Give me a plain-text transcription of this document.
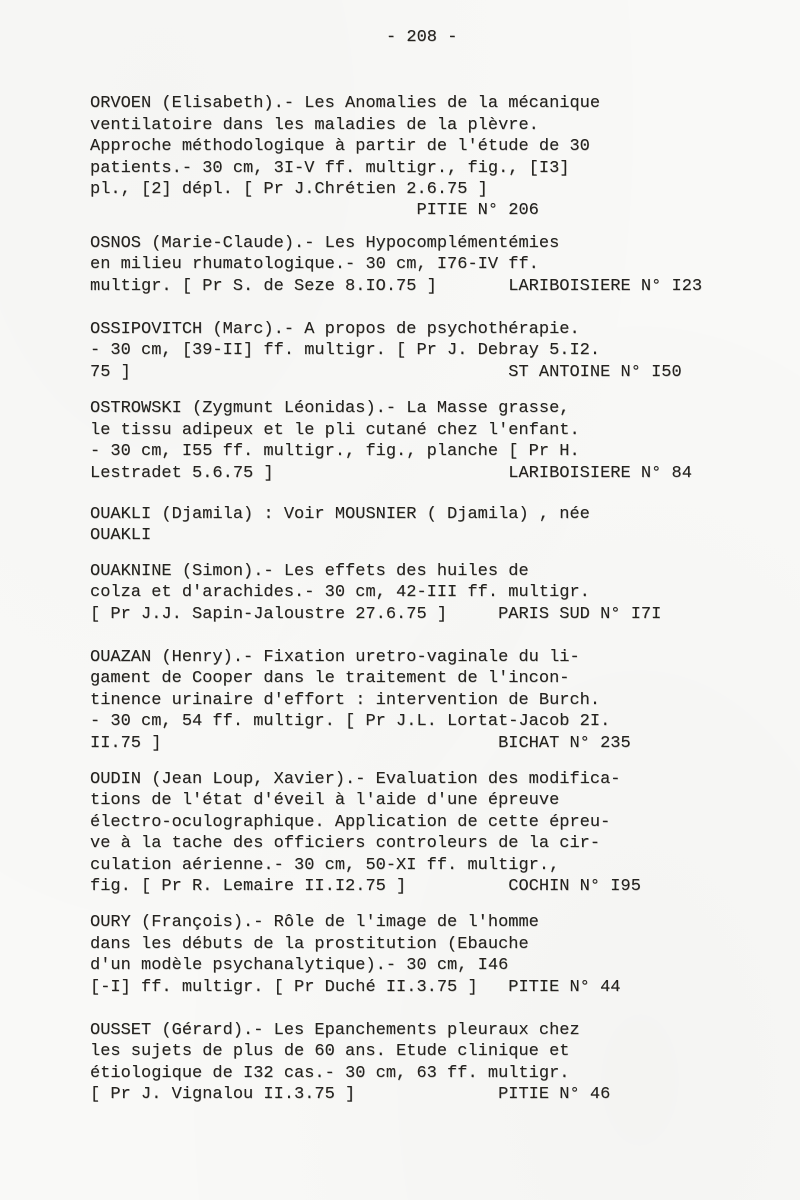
- 208 -
ORVOEN (Elisabeth).- Les Anomalies de la mécanique
ventilatoire dans les maladies de la plèvre.
Approche méthodologique à partir de l'étude de 30
patients.- 30 cm, 3I-V ff. multigr., fig., [I3]
pl., [2] dépl. [ Pr J.Chrétien 2.6.75 ]
PITIE N° 206
OSNOS (Marie-Claude).- Les Hypocomplémentémies
en milieu rhumatologique.- 30 cm, I76-IV ff.
multigr. [ Pr S. de Seze 8.IO.75 ]       LARIBOISIERE N° I23
OSSIPOVITCH (Marc).- A propos de psychothérapie.
- 30 cm, [39-II] ff. multigr. [ Pr J. Debray 5.I2.
75 ]                                     ST ANTOINE N° I50
OSTROWSKI (Zygmunt Léonidas).- La Masse grasse,
le tissu adipeux et le pli cutané chez l'enfant.
- 30 cm, I55 ff. multigr., fig., planche [ Pr H.
Lestradet 5.6.75 ]                       LARIBOISIERE N° 84
OUAKLI (Djamila) : Voir MOUSNIER ( Djamila) , née
OUAKLI
OUAKNINE (Simon).- Les effets des huiles de
colza et d'arachides.- 30 cm, 42-III ff. multigr.
[ Pr J.J. Sapin-Jaloustre 27.6.75 ]     PARIS SUD N° I7I
OUAZAN (Henry).- Fixation uretro-vaginale du li-
gament de Cooper dans le traitement de l'incon-
tinence urinaire d'effort : intervention de Burch.
- 30 cm, 54 ff. multigr. [ Pr J.L. Lortat-Jacob 2I.
II.75 ]                                 BICHAT N° 235
OUDIN (Jean Loup, Xavier).- Evaluation des modifica-
tions de l'état d'éveil à l'aide d'une épreuve
électro-oculographique. Application de cette épreu-
ve à la tache des officiers controleurs de la cir-
culation aérienne.- 30 cm, 50-XI ff. multigr.,
fig. [ Pr R. Lemaire II.I2.75 ]          COCHIN N° I95
OURY (François).- Rôle de l'image de l'homme
dans les débuts de la prostitution (Ebauche
d'un modèle psychanalytique).- 30 cm, I46
[-I] ff. multigr. [ Pr Duché II.3.75 ]   PITIE N° 44
OUSSET (Gérard).- Les Epanchements pleuraux chez
les sujets de plus de 60 ans. Etude clinique et
étiologique de I32 cas.- 30 cm, 63 ff. multigr.
[ Pr J. Vignalou II.3.75 ]              PITIE N° 46
